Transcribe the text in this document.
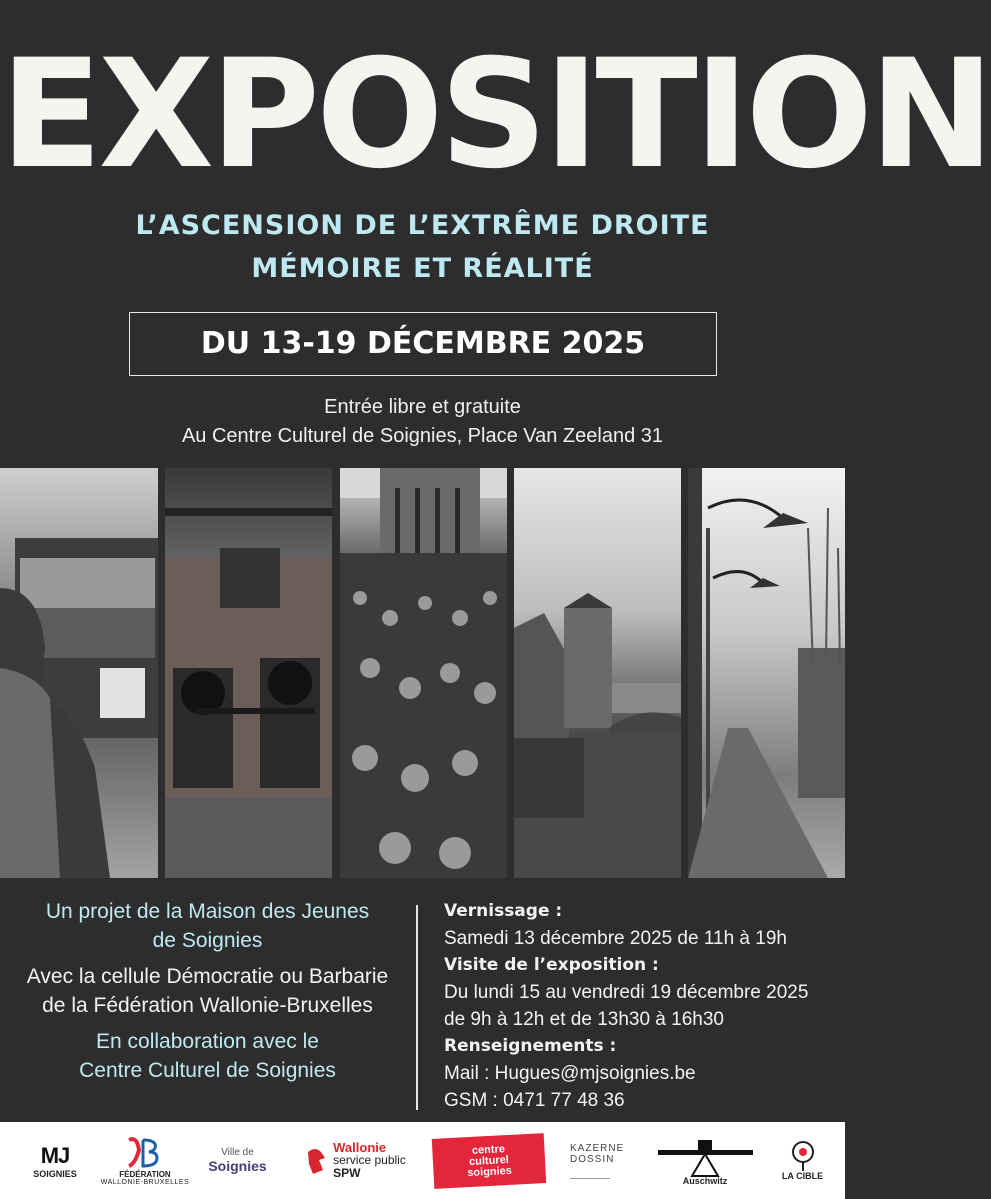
EXPOSITION
L’ASCENSION DE L’EXTRÊME DROITE
MÉMOIRE ET RÉALITÉ
DU 13-19 DÉCEMBRE 2025
Entrée libre et gratuite
Au Centre Culturel de Soignies, Place Van Zeeland 31
Un projet de la Maison des Jeunes
de Soignies
Avec la cellule Démocratie ou Barbarie
de la Fédération Wallonie-Bruxelles
En collaboration avec le
Centre Culturel de Soignies
Vernissage :
Samedi 13 décembre 2025 de 11h à 19h
Visite de l’exposition :
Du lundi 15 au vendredi 19 décembre 2025
de 9h à 12h et de 13h30 à 16h30
Renseignements :
Mail : Hugues@mjsoignies.be
GSM : 0471 77 48 36
MJ
SOIGNIES	FÉDÉRATION
WALLONIE-BRUXELLES
Ville de
Soignies
Wallonie
service public
SPW
centre
culturel
soignies
KAZERNE
DOSSIN
Auschwitz	LA CIBLE
